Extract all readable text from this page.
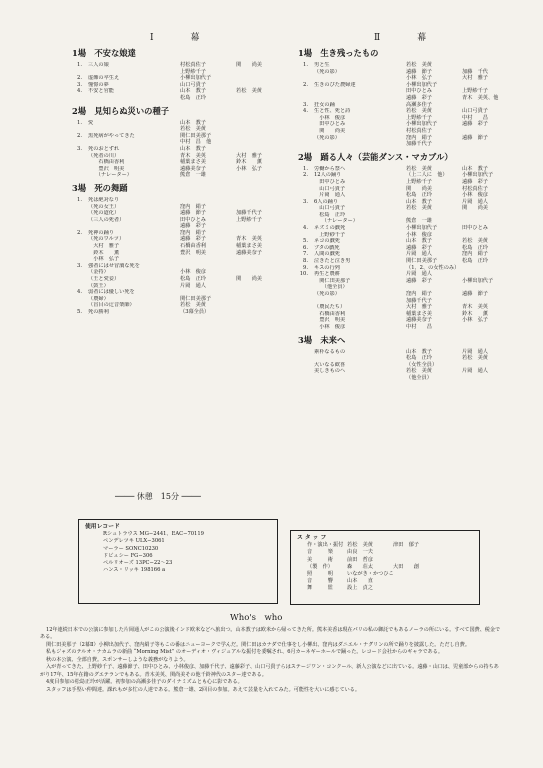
Ⅰ　幕	Ⅱ　幕
1場　不安な娘達
1. 三人の娘	村松真佐子	関　　尚美
上野紗千子
2. 虚飾の卒生え	小柳出加代子
3. 憧憬の夢	山口弓貴子
4. 不安と官能	山本　教子	若松　美黄
松島　正玲
2場　見知らぬ災いの種子
1. 愛	山本　教子
若松　美黄
2. 黒死病がやってきた	関仁田美那子
中村　昌　他
3. 死のおとずれ	山本　教子
（死者の川）	青木　美英	大村　雅子
　　石橋由香利	稲葉まさ美	鈴木　　薫
　　豊沢　明美	遠藤美奈子	小林　弘子
　　（ナレーター）	熊倉　一雄
3場　死の舞踊
1. 死は絶対なり
（死の女王）	窪内　絹子
（死の道化）	遠藤　節子	加藤千代子
（三人の死者）	田中ひとみ	上野紗千子
遠藤　彩子
2. 死神の踊り	窪内　絹子
（死のワルツ）	遠藤　彩子	青木　美英
　大村　雅子	石橋由香利	稲葉まさ美
　鈴木　　薫	豊沢　明美	遠藤美奈子
　小林　弘子
3. 強者にはせ冒瀆な死を
（金持）	小林　俊彦
（王と愛妾）	松島　正玲	関　　尚美
（鼓王）	片岡　通人
4. 弱者には優しい死を
（農婦）	関仁田美那子
（盲目の辻音楽師）	若松　美黄
5. 死の勝利	（3幕全員）
1場　生き残ったもの
1. 男と生	若松　美黄
（死の影）	遠藤　節子	加藤　千代
小林　弘子	大村　雅子
2. 生きのびた農婦達	小柳出加代子
田中ひとみ	上野紗千子
遠藤　彩子	青木　美英、他
3. 狂女の踊	高瀬多佳子
4. 生と性、死と詩	若松　美黄	山口弓貴子
　小林　俊彦	上野紗千子	中村　　昌
　田中ひとみ	小柳出加代子	遠藤　彩子
　関　　尚美	村松真佐子
（死の影）	窪内　絹子	遠藤　節子
加藤千代子
2場　踊る人々（芸能ダンス・マカブル）
1. 労働から祭へ	若松　美黄	山本　教子
2. 12人の踊り	（上二人に　他）	小柳出加代子
　田中ひとみ	上野紗千子	遠藤　彩子
　山口弓貴子	関　　尚美	村松真佐子
　片岡　通人	松島　正玲	小林　俊彦
3. 6人の踊り	山本　教子	片岡　通人
　山口弓貴子	若松　美黄	関　　尚美
　松島　正玲
　　（ナレーター）	熊倉　一雄
4. ネズミの戯死	小柳出加代子	田中ひとみ
　上野紗千子	小林　俊彦
5. ネコの戯死	山本　教子	若松　美黄
6. ブタの戯死	遠藤　彩子	松島　正玲
7. 人間の戯死	片岡　通人	窪内　絹子
8. 泣きたと泣き男	関仁田美那子	松島　正玲
9. キスの行列	（1、2、の女性のみ）
10. 再生と農耕	片岡　通人
　関仁田美那子	遠藤　彩子	小柳出加代子
　　（他全員）
（死の影）	窪内　絹子	遠藤　節子
加藤千代子
（農民たち）	大村　雅子	青木　美英
　石橋由香利	稲葉まさ美	鈴木　　薫
　豊沢　明美	遠藤美奈子	小林　弘子
　小林　俊彦	中村　　昌
3場　未来へ
素朴なるもの	山本　教子	片岡　通人
松島　正玲	若松　美黄
大いなる歓喜	（女性全員）
美しきものへ	若松　美黄	片岡　通人
（他全員）
──── 休憩　15分 ────
使用レコード
Rシュトラウス MG−2441、EAC−70119
ペンデレツキ ULX−3061
マーラー SONC10230
ドビュシー FG−306
ペルリオーズ 13PC−22〜23
ハンス・リッキ 198166 a
ス タ ッ フ
作・演出・振付 若松　美黄	津田　郁子
音　　　楽	由良　一夫
美　　　術	前田　哲彦
（製　作）	森　　荘太	大田　　創
照　　　明	いながき・かつひこ
音　　　響	山本　　直
舞　　　監	設上　貞之
Who's　who

12年連続日本での公演に参加した片岡通人がこの公演後インド欧米などへ旅出つ。山本教子は欧米から帰ってきた所。熊本美香は現在パリの私の御託でもあるノーラの所にいる。すべて国費、税金である。

関仁田美那子（2幕Ⅱ）小柳出加代子、窪内絹子等もこの番はニューヨークで学んだ。関仁田はカナダで仕事をし小柳出、窪内はダニエル・ナグリンの所で踊りを披露した。ただし自費。

私もジャズのテルオ・ナカムラの新曲 “Morning Mist” のオーディオ・ヴィジュアルな振付を委嘱され、6月カーネギーホールで踊った。レコード会社からのギャラである。

秋の本公演、全部自費。スポンサーしような義務がなりよう。

入が青ってきた、上野紗千子、遠藤節子、田中ひとみ、小林俊彦、加藤千代子、遠藤彩子、山口弓貴子らはステージワン・コンクール、新人公演などに出ている。遠藤・山口は、児童部からの持ちあがり17年、15年在籍のグエテランでもある。青木美英、関尚美その他千鈴神代のスター達である。

4度目参加の松島正玲が活躍。初参加の高瀬多佳子のダイナミズムとも心に影である。

スタッフは手堅い仲間達。課れもが多忙の人達である。熊倉一雄、2回目の参加。あえて芸量を入れてみた。可能性を大いに感じている。
